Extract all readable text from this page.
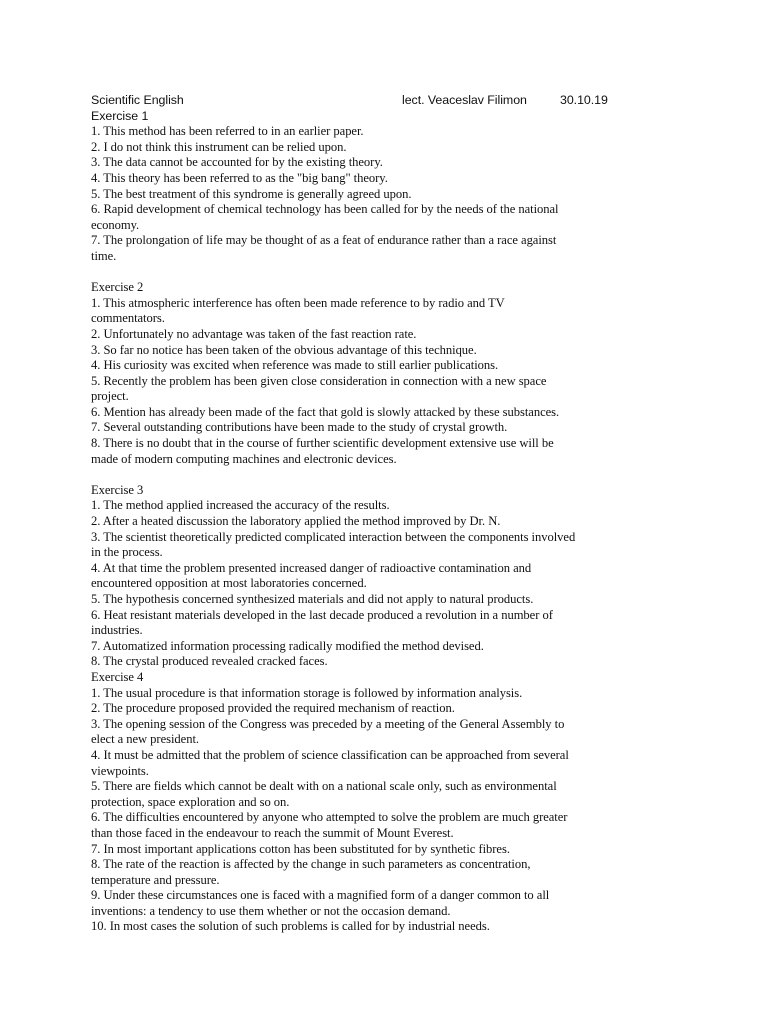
Scientific English	lect. Veaceslav Filimon	30.10.19
Exercise 1
1. This method has been referred to in an earlier paper.
2. I do not think this instrument can be relied upon.
3. The data cannot be accounted for by the existing theory.
4. This theory has been referred to as the "big bang" theory.
5. The best treatment of this syndrome is generally agreed upon.
6. Rapid development of chemical technology has been called for by the needs of the national
economy.
7. The prolongation of life may be thought of as a feat of endurance rather than a race against
time.
Exercise 2
1. This atmospheric interference has often been made reference to by radio and TV
commentators.
2. Unfortunately no advantage was taken of the fast reaction rate.
3. So far no notice has been taken of the obvious advantage of this technique.
4. His curiosity was excited when reference was made to still earlier publications.
5. Recently the problem has been given close consideration in connection with a new space
project.
6. Mention has already been made of the fact that gold is slowly attacked by these substances.
7. Several outstanding contributions have been made to the study of crystal growth.
8. There is no doubt that in the course of further scientific development extensive use will be
made of modern computing machines and electronic devices.
Exercise 3
1. The method applied increased the accuracy of the results.
2. After a heated discussion the laboratory applied the method improved by Dr. N.
3. The scientist theoretically predicted complicated interaction between the components involved
in the process.
4. At that time the problem presented increased danger of radioactive contamination and
encountered opposition at most laboratories concerned.
5. The hypothesis concerned synthesized materials and did not apply to natural products.
6. Heat resistant materials developed in the last decade produced a revolution in a number of
industries.
7. Automatized information processing radically modified the method devised.
8. The crystal produced revealed cracked faces.
Exercise 4
1. The usual procedure is that information storage is followed by information analysis.
2. The procedure proposed provided the required mechanism of reaction.
3. The opening session of the Congress was preceded by a meeting of the General Assembly to
elect a new president.
4. It must be admitted that the problem of science classification can be approached from several
viewpoints.
5. There are fields which cannot be dealt with on a national scale only, such as environmental
protection, space exploration and so on.
6. The difficulties encountered by anyone who attempted to solve the problem are much greater
than those faced in the endeavour to reach the summit of Mount Everest.
7. In most important applications cotton has been substituted for by synthetic fibres.
8. The rate of the reaction is affected by the change in such parameters as concentration,
temperature and pressure.
9. Under these circumstances one is faced with a magnified form of a danger common to all
inventions: a tendency to use them whether or not the occasion demand.
10. In most cases the solution of such problems is called for by industrial needs.
